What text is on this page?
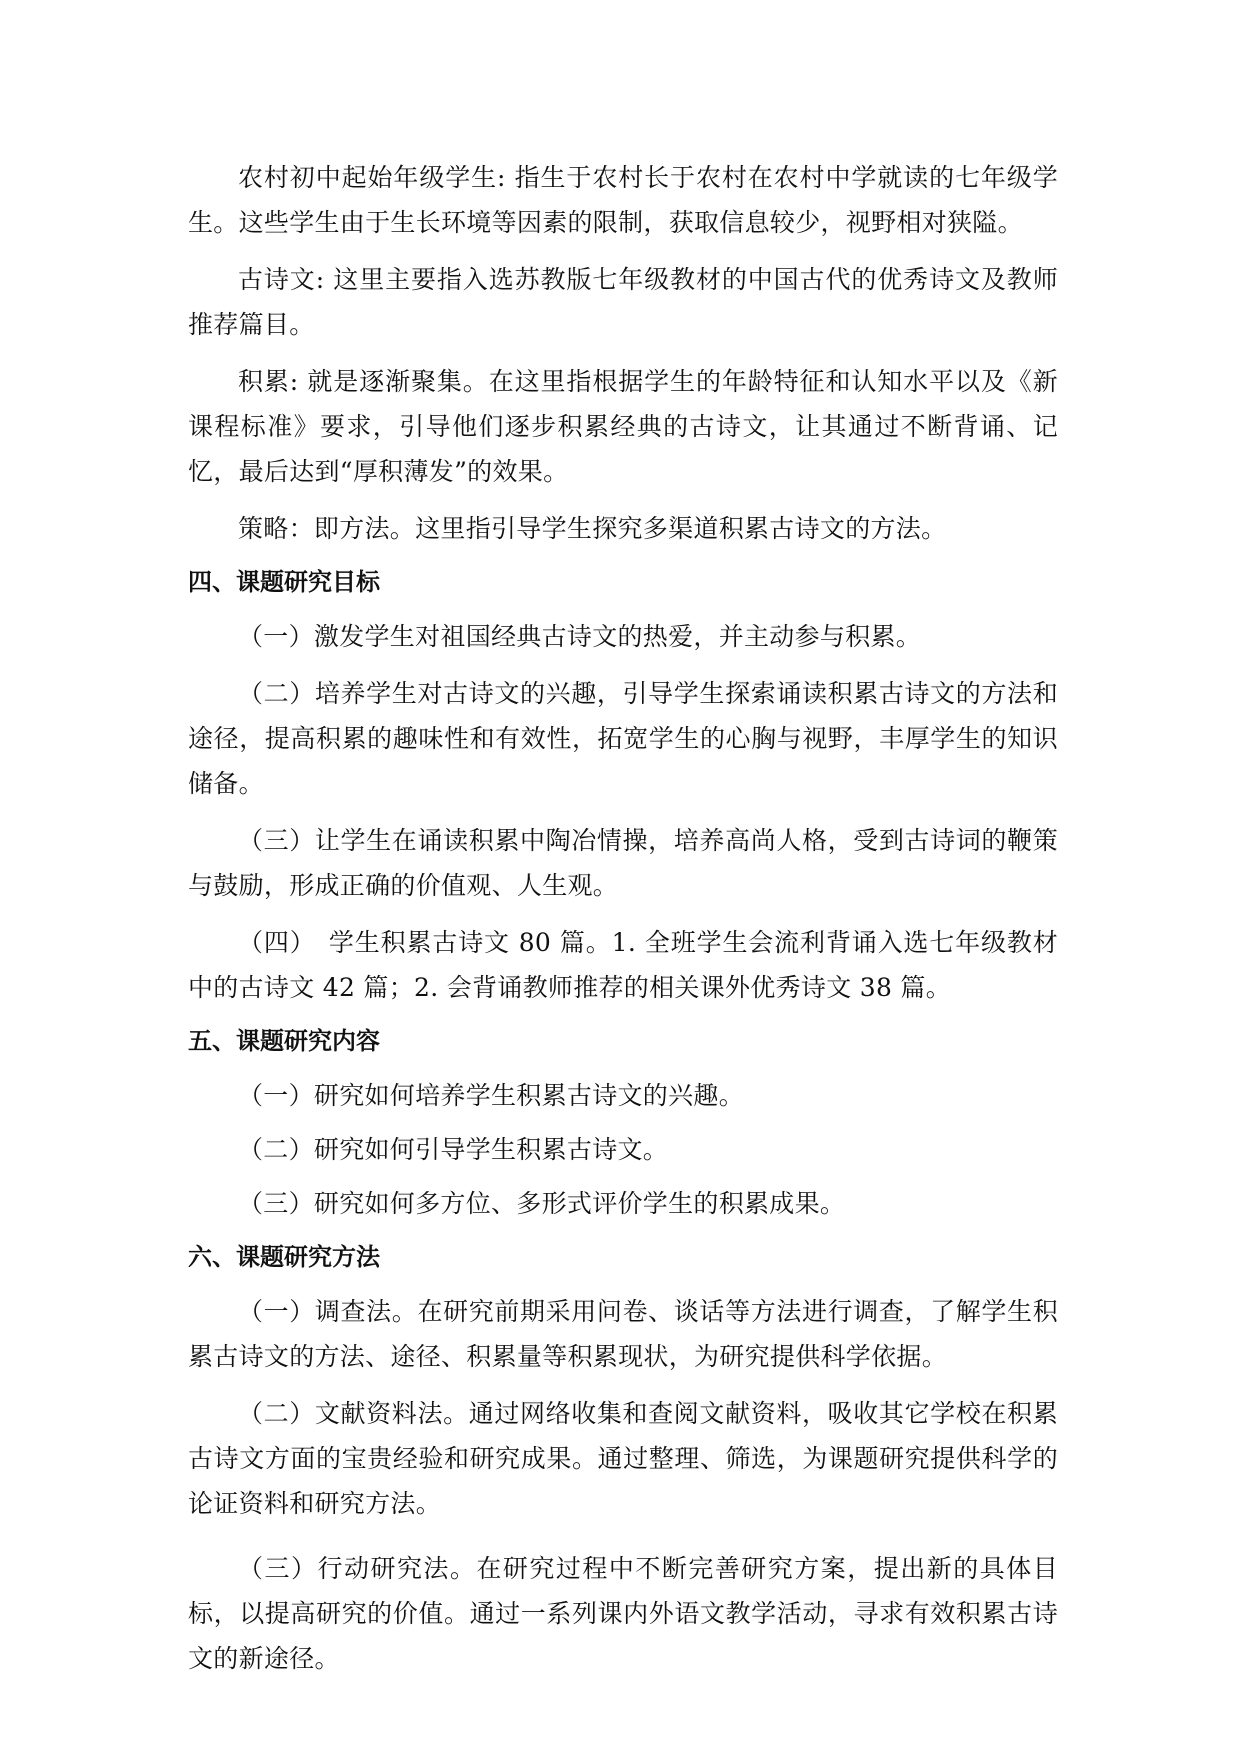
农村初中起始年级学生: 指生于农村长于农村在农村中学就读的七年级学生。这些学生由于生长环境等因素的限制，获取信息较少，视野相对狭隘。

古诗文: 这里主要指入选苏教版七年级教材的中国古代的优秀诗文及教师推荐篇目。

积累: 就是逐渐聚集。在这里指根据学生的年龄特征和认知水平以及《新课程标准》要求，引导他们逐步积累经典的古诗文，让其通过不断背诵、记忆，最后达到“厚积薄发”的效果。

策略：即方法。这里指引导学生探究多渠道积累古诗文的方法。

四、课题研究目标

（一）激发学生对祖国经典古诗文的热爱，并主动参与积累。

（二）培养学生对古诗文的兴趣，引导学生探索诵读积累古诗文的方法和途径，提高积累的趣味性和有效性，拓宽学生的心胸与视野，丰厚学生的知识储备。

（三）让学生在诵读积累中陶冶情操，培养高尚人格，受到古诗词的鞭策与鼓励，形成正确的价值观、人生观。

（四）　学生积累古诗文 80 篇。1. 全班学生会流利背诵入选七年级教材中的古诗文 42 篇；2. 会背诵教师推荐的相关课外优秀诗文 38 篇。

五、课题研究内容

（一）研究如何培养学生积累古诗文的兴趣。

（二）研究如何引导学生积累古诗文。

（三）研究如何多方位、多形式评价学生的积累成果。

六、课题研究方法

（一）调查法。在研究前期采用问卷、谈话等方法进行调查，了解学生积累古诗文的方法、途径、积累量等积累现状，为研究提供科学依据。

（二）文献资料法。通过网络收集和查阅文献资料，吸收其它学校在积累古诗文方面的宝贵经验和研究成果。通过整理、筛选，为课题研究提供科学的论证资料和研究方法。

（三）行动研究法。在研究过程中不断完善研究方案，提出新的具体目标，以提高研究的价值。通过一系列课内外语文教学活动，寻求有效积累古诗文的新途径。
